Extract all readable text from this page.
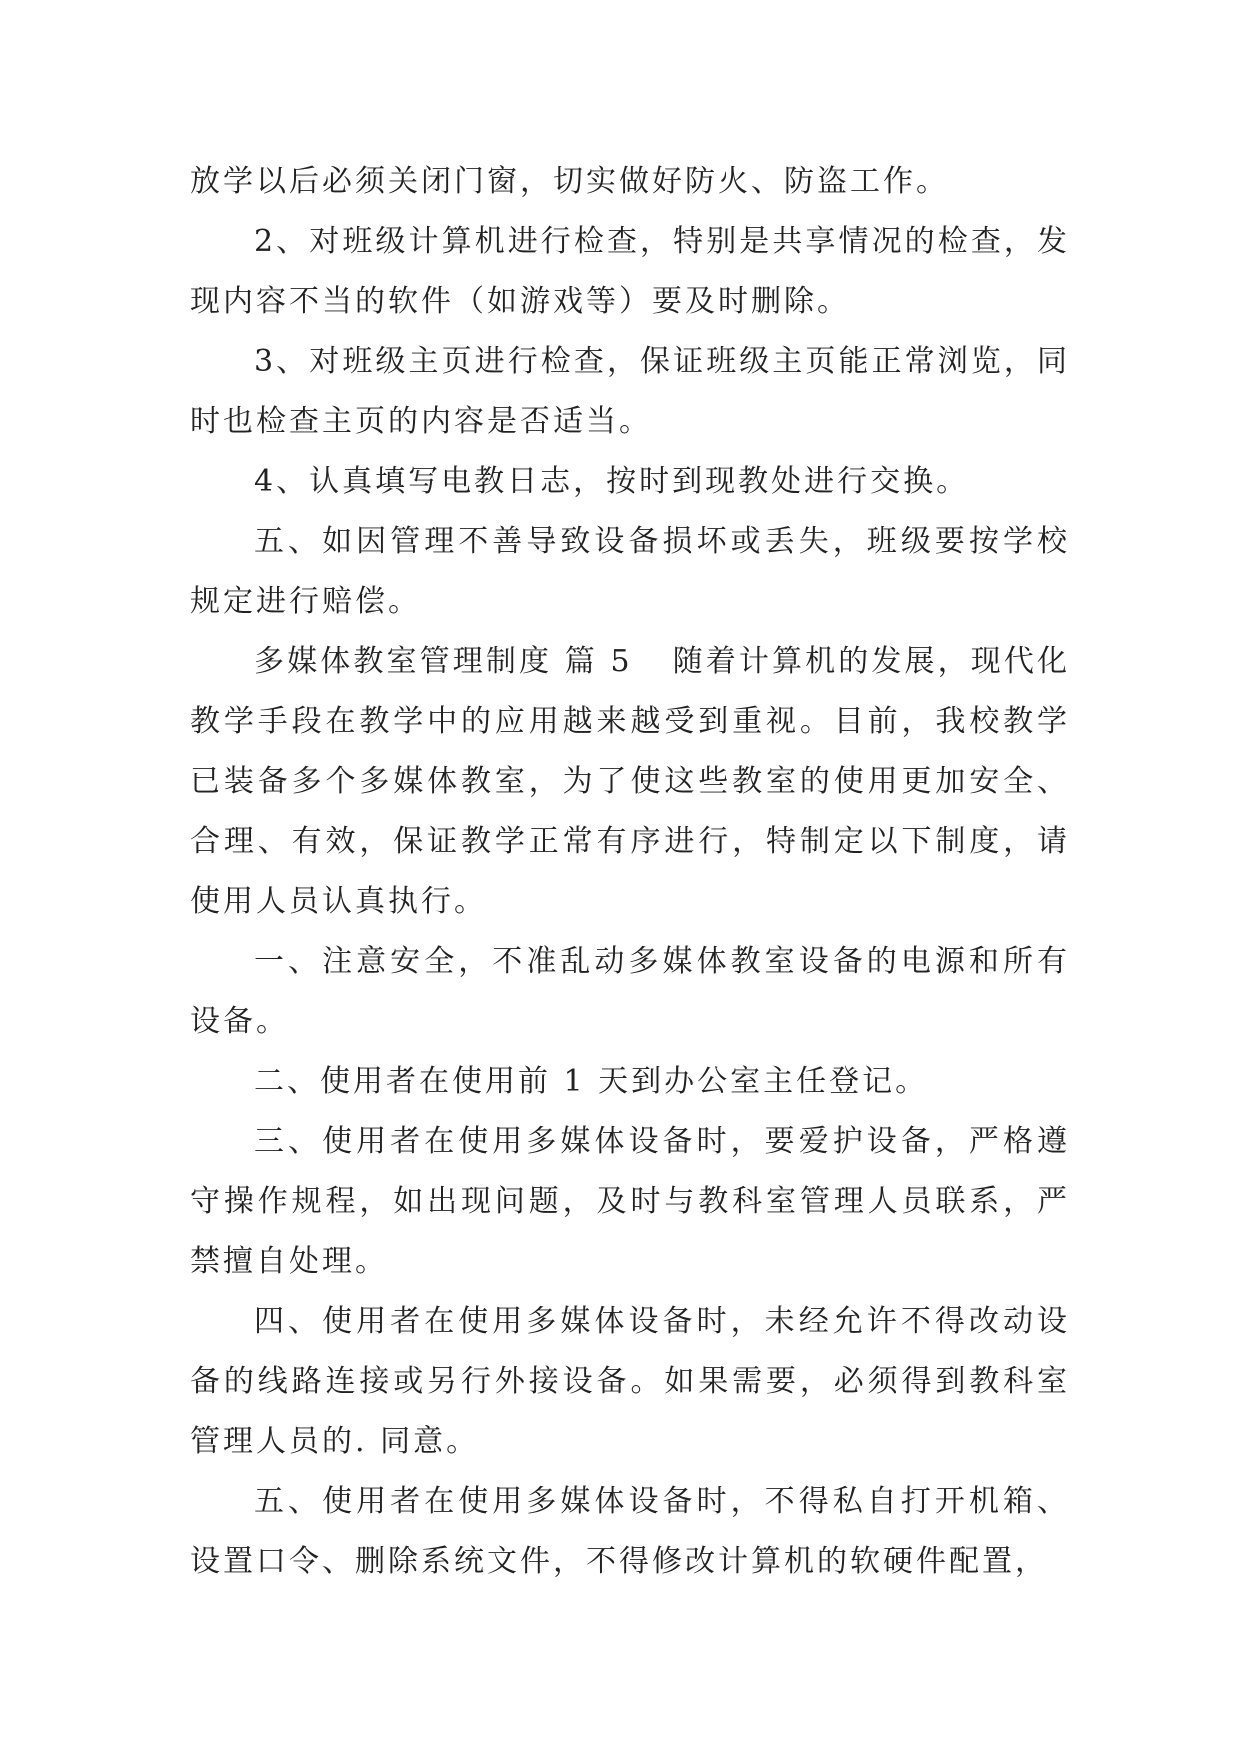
放学以后必须关闭门窗，切实做好防火、防盗工作。

2、对班级计算机进行检查，特别是共享情况的检查，发现内容不当的软件（如游戏等）要及时删除。

3、对班级主页进行检查，保证班级主页能正常浏览，同时也检查主页的内容是否适当。

4、认真填写电教日志，按时到现教处进行交换。

五、如因管理不善导致设备损坏或丢失，班级要按学校规定进行赔偿。

多媒体教室管理制度 篇 5 随着计算机的发展，现代化教学手段在教学中的应用越来越受到重视。目前，我校教学已装备多个多媒体教室，为了使这些教室的使用更加安全、合理、有效，保证教学正常有序进行，特制定以下制度，请使用人员认真执行。

一、注意安全，不准乱动多媒体教室设备的电源和所有设备。

二、使用者在使用前 1 天到办公室主任登记。

三、使用者在使用多媒体设备时，要爱护设备，严格遵守操作规程，如出现问题，及时与教科室管理人员联系，严禁擅自处理。

四、使用者在使用多媒体设备时，未经允许不得改动设备的线路连接或另行外接设备。如果需要，必须得到教科室管理人员的. 同意。

五、使用者在使用多媒体设备时，不得私自打开机箱、设置口令、删除系统文件，不得修改计算机的软硬件配置，
